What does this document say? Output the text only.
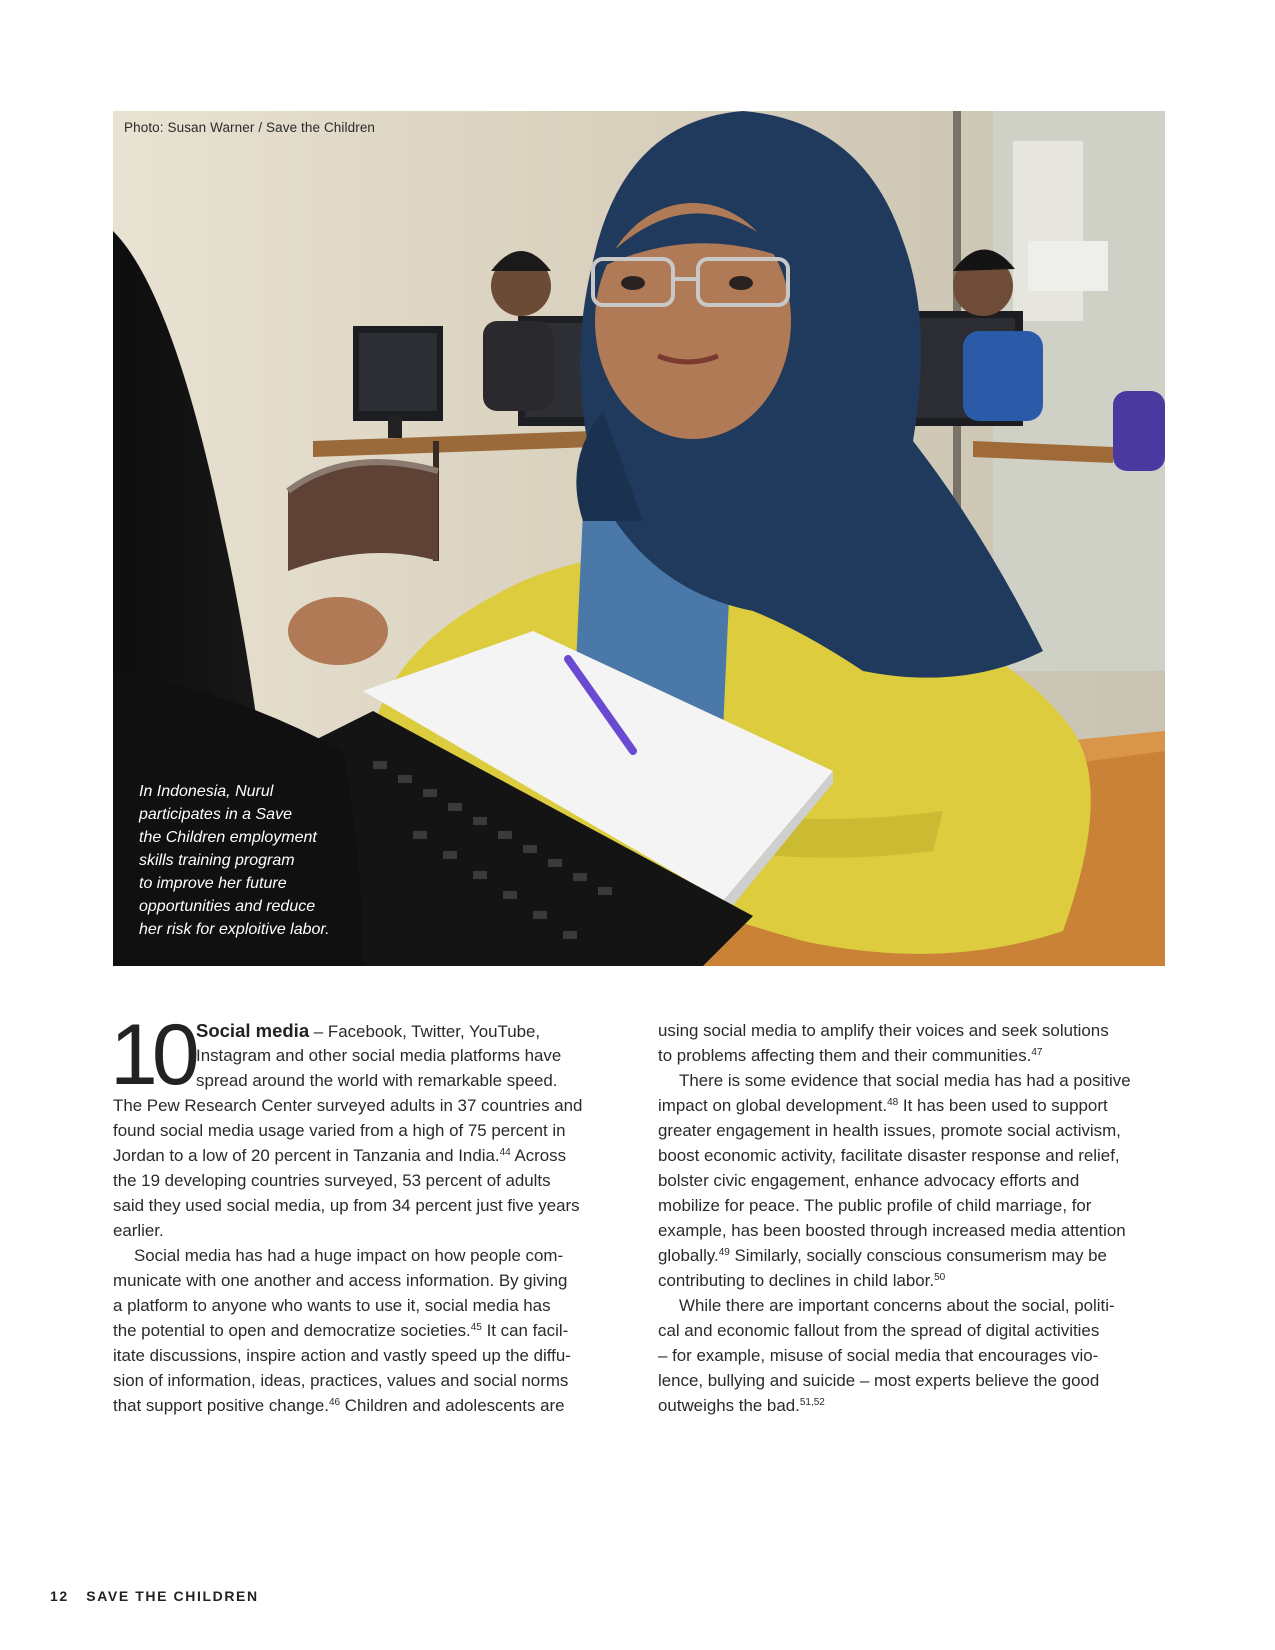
Photo: Susan Warner / Save the Children
In Indonesia, Nurul
participates in a Save
the Children employment
skills training program
to improve her future
opportunities and reduce
her risk for exploitive labor.
10 Social media – Facebook, Twitter, YouTube,
Instagram and other social media platforms have
spread around the world with remarkable speed.
The Pew Research Center surveyed adults in 37 countries and
found social media usage varied from a high of 75 percent in
Jordan to a low of 20 percent in Tanzania and India.$^{44}$ Across
the 19 developing countries surveyed, 53 percent of adults
said they used social media, up from 34 percent just five years
earlier.
Social media has had a huge impact on how people com-
municate with one another and access information. By giving
a platform to anyone who wants to use it, social media has
the potential to open and democratize societies.$^{45}$ It can facil-
itate discussions, inspire action and vastly speed up the diffu-
sion of information, ideas, practices, values and social norms
that support positive change.$^{46}$ Children and adolescents are
using social media to amplify their voices and seek solutions
to problems affecting them and their communities.$^{47}$
There is some evidence that social media has had a positive
impact on global development.$^{48}$ It has been used to support
greater engagement in health issues, promote social activism,
boost economic activity, facilitate disaster response and relief,
bolster civic engagement, enhance advocacy efforts and
mobilize for peace. The public profile of child marriage, for
example, has been boosted through increased media attention
globally.$^{49}$ Similarly, socially conscious consumerism may be
contributing to declines in child labor.$^{50}$
While there are important concerns about the social, politi-
cal and economic fallout from the spread of digital activities
– for example, misuse of social media that encourages vio-
lence, bullying and suicide – most experts believe the good
outweighs the bad.$^{51,52}$
12 SAVE THE CHILDREN
